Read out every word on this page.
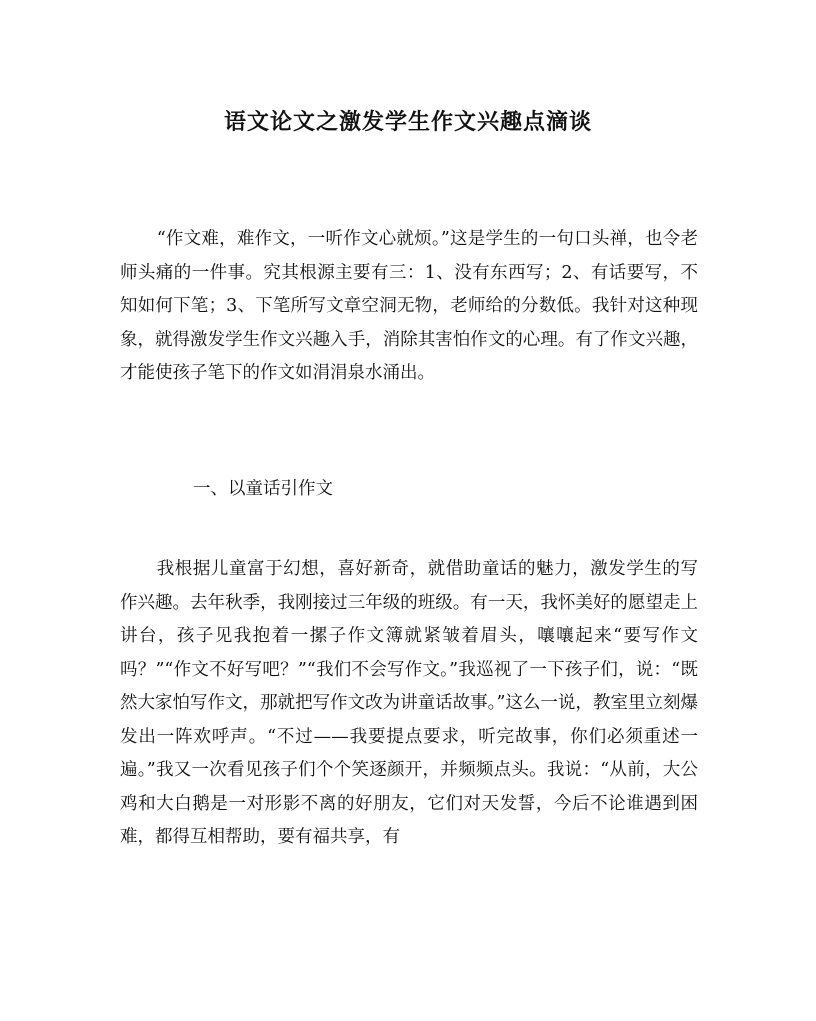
语文论文之激发学生作文兴趣点滴谈

“作文难，难作文，一听作文心就烦。”这是学生的一句口头禅，也令老师头痛的一件事。究其根源主要有三：1、没有东西写；2、有话要写，不知如何下笔；3、下笔所写文章空洞无物，老师给的分数低。我针对这种现象，就得激发学生作文兴趣入手，消除其害怕作文的心理。有了作文兴趣，才能使孩子笔下的作文如涓涓泉水涌出。

一、以童话引作文

我根据儿童富于幻想，喜好新奇，就借助童话的魅力，激发学生的写作兴趣。去年秋季，我刚接过三年级的班级。有一天，我怀美好的愿望走上讲台，孩子见我抱着一摞子作文簿就紧皱着眉头，嚷嚷起来“要写作文吗？”“作文不好写吧？”“我们不会写作文。”我巡视了一下孩子们，说：“既然大家怕写作文，那就把写作文改为讲童话故事。”这么一说，教室里立刻爆发出一阵欢呼声。“不过——我要提点要求，听完故事，你们必须重述一遍。”我又一次看见孩子们个个笑逐颜开，并频频点头。我说：“从前，大公鸡和大白鹅是一对形影不离的好朋友，它们对天发誓，今后不论谁遇到困难，都得互相帮助，要有福共享，有
